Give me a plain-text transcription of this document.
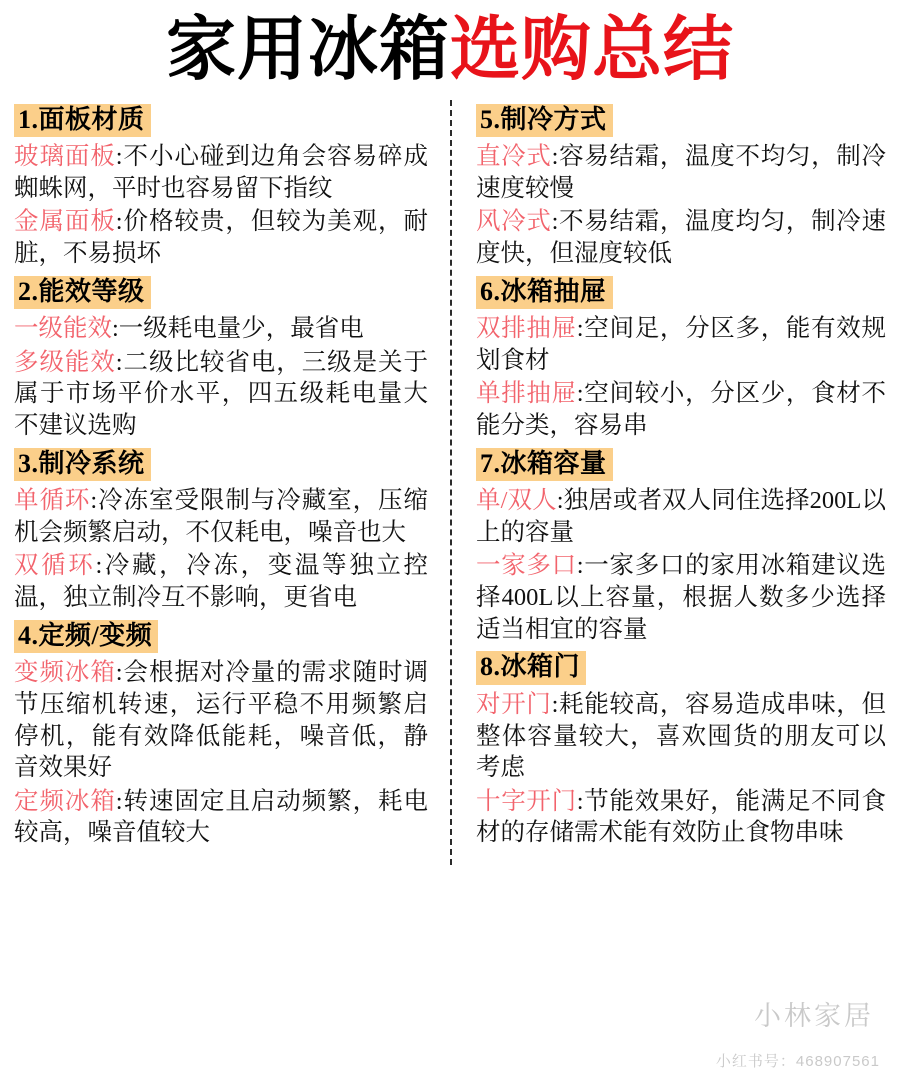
家用冰箱选购总结
1.面板材质
玻璃面板:不小心碰到边角会容易碎成蜘蛛网，平时也容易留下指纹
金属面板:价格较贵，但较为美观，耐脏，不易损坏
2.能效等级
一级能效:一级耗电量少，最省电
多级能效:二级比较省电，三级是关于属于市场平价水平，四五级耗电量大不建议选购
3.制冷系统
单循环:冷冻室受限制与冷藏室，压缩机会频繁启动，不仅耗电，噪音也大
双循环:冷藏，冷冻，变温等独立控温，独立制冷互不影响，更省电
4.定频/变频
变频冰箱:会根据对冷量的需求随时调节压缩机转速，运行平稳不用频繁启停机，能有效降低能耗，噪音低，静音效果好
定频冰箱:转速固定且启动频繁，耗电较高，噪音值较大
5.制冷方式
直冷式:容易结霜，温度不均匀，制冷速度较慢
风冷式:不易结霜，温度均匀，制冷速度快，但湿度较低
6.冰箱抽屉
双排抽屉:空间足，分区多，能有效规划食材
单排抽屉:空间较小，分区少，食材不能分类，容易串
7.冰箱容量
单/双人:独居或者双人同住选择200L以上的容量
一家多口:一家多口的家用冰箱建议选择400L以上容量，根据人数多少选择适当相宜的容量
8.冰箱门
对开门:耗能较高，容易造成串味，但整体容量较大，喜欢囤货的朋友可以考虑
十字开门:节能效果好，能满足不同食材的存储需术能有效防止食物串味
小林家居
小红书号：468907561
